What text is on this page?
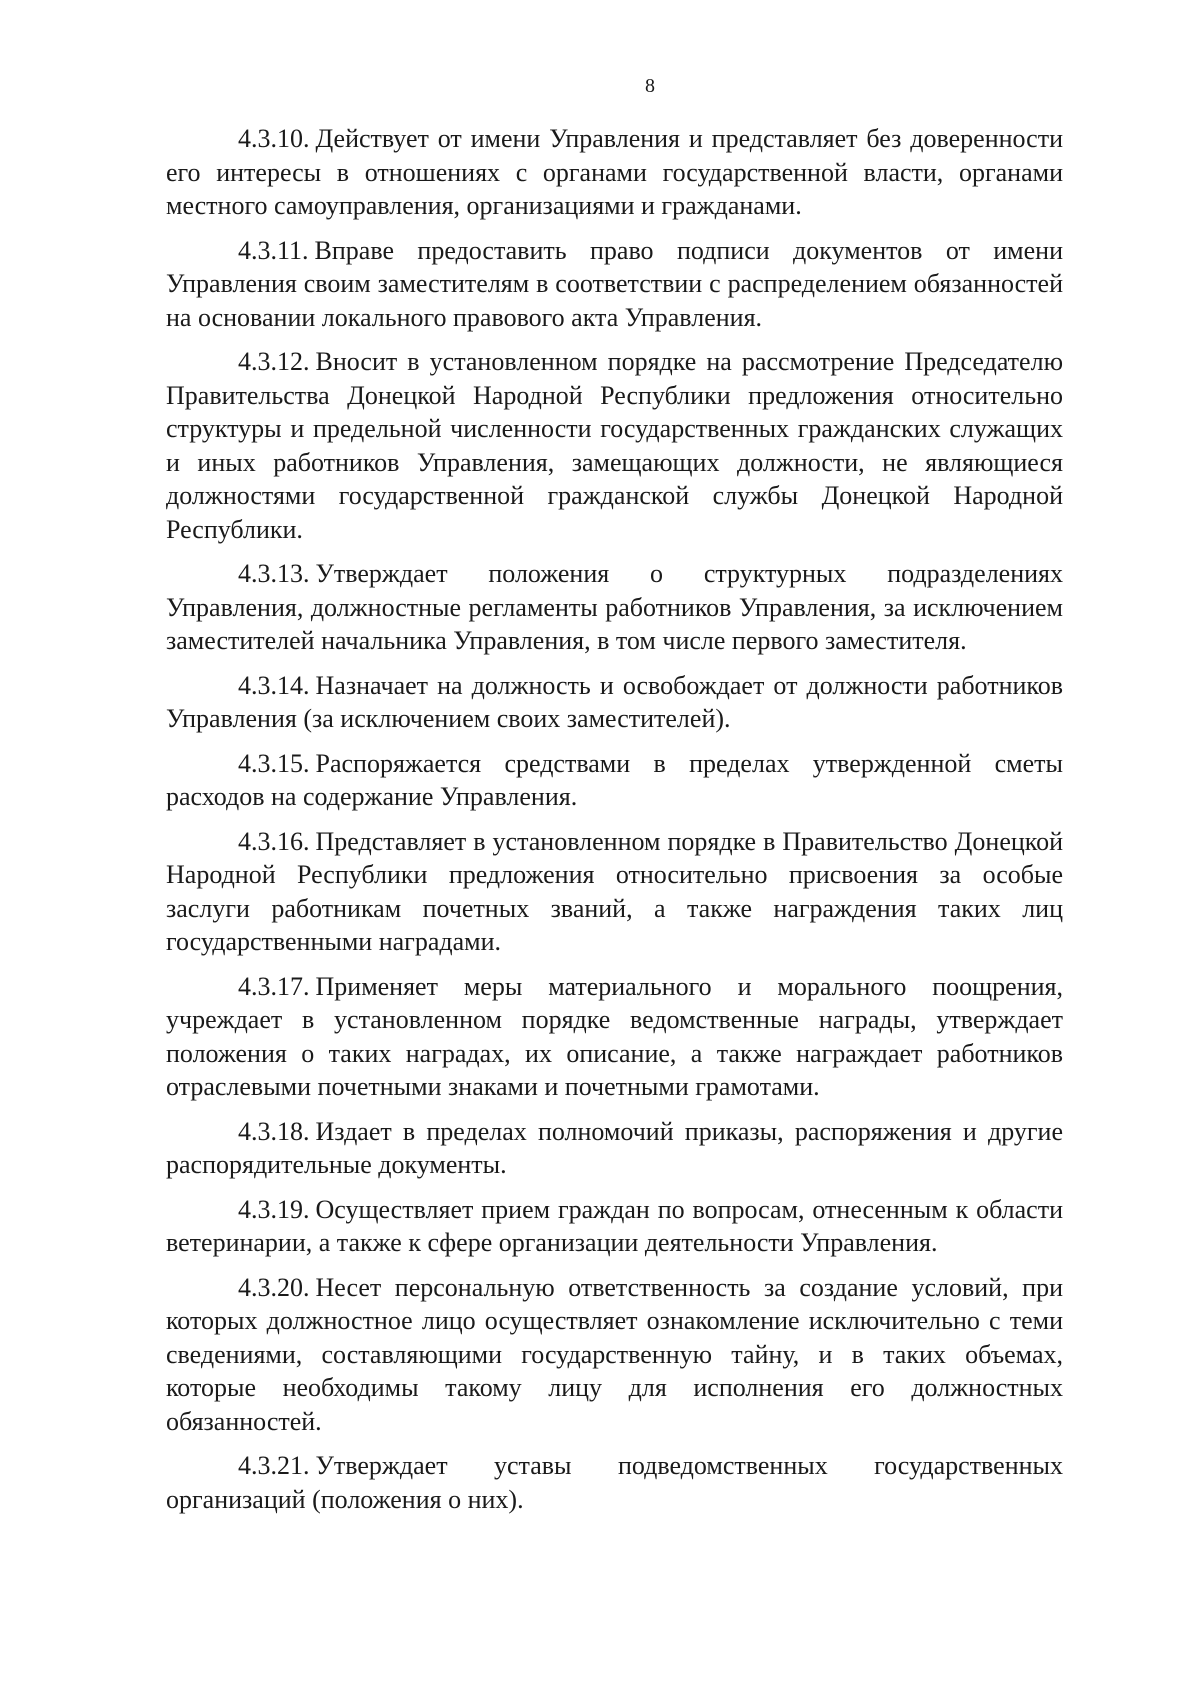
8

4.3.10. Действует от имени Управления и представляет без доверенности его интересы в отношениях с органами государственной власти, органами местного самоуправления, организациями и гражданами.

4.3.11. Вправе предоставить право подписи документов от имени Управления своим заместителям в соответствии с распределением обязанностей на основании локального правового акта Управления.

4.3.12. Вносит в установленном порядке на рассмотрение Председателю Правительства Донецкой Народной Республики предложения относительно структуры и предельной численности государственных гражданских служащих и иных работников Управления, замещающих должности, не являющиеся должностями государственной гражданской службы Донецкой Народной Республики.

4.3.13. Утверждает положения о структурных подразделениях Управления, должностные регламенты работников Управления, за исключением заместителей начальника Управления, в том числе первого заместителя.

4.3.14. Назначает на должность и освобождает от должности работников Управления (за исключением своих заместителей).

4.3.15. Распоряжается средствами в пределах утвержденной сметы расходов на содержание Управления.

4.3.16. Представляет в установленном порядке в Правительство Донецкой Народной Республики предложения относительно присвоения за особые заслуги работникам почетных званий, а также награждения таких лиц государственными наградами.

4.3.17. Применяет меры материального и морального поощрения, учреждает в установленном порядке ведомственные награды, утверждает положения о таких наградах, их описание, а также награждает работников отраслевыми почетными знаками и почетными грамотами.

4.3.18. Издает в пределах полномочий приказы, распоряжения и другие распорядительные документы.

4.3.19. Осуществляет прием граждан по вопросам, отнесенным к области ветеринарии, а также к сфере организации деятельности Управления.

4.3.20. Несет персональную ответственность за создание условий, при которых должностное лицо осуществляет ознакомление исключительно с теми сведениями, составляющими государственную тайну, и в таких объемах, которые необходимы такому лицу для исполнения его должностных обязанностей.

4.3.21. Утверждает уставы подведомственных государственных организаций (положения о них).
